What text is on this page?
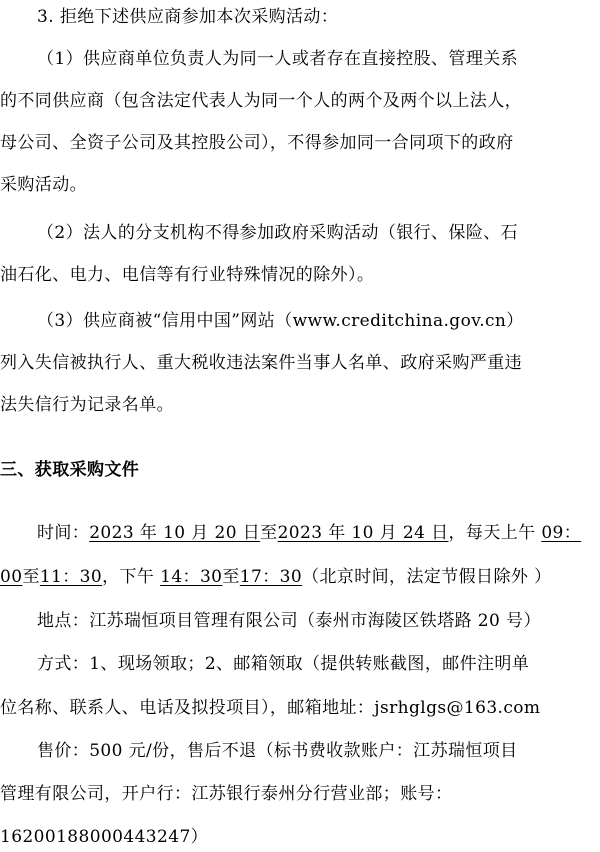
3. 拒绝下述供应商参加本次采购活动：
（1）供应商单位负责人为同一人或者存在直接控股、管理关系
的不同供应商（包含法定代表人为同一个人的两个及两个以上法人，
母公司、全资子公司及其控股公司），不得参加同一合同项下的政府
采购活动。
（2）法人的分支机构不得参加政府采购活动（银行、保险、石
油石化、电力、电信等有行业特殊情况的除外）。
（3）供应商被“信用中国”网站（www.creditchina.gov.cn）
列入失信被执行人、重大税收违法案件当事人名单、政府采购严重违
法失信行为记录名单。
三、获取采购文件
时间：2023 年 10 月 20 日至2023 年 10 月 24 日，每天上午 09：
00至11：30，下午 14：30至17：30（北京时间，法定节假日除外 ）
地点：江苏瑞恒项目管理有限公司（泰州市海陵区铁塔路 20 号）
方式：1、现场领取；2、邮箱领取（提供转账截图，邮件注明单
位名称、联系人、电话及拟投项目），邮箱地址：jsrhglgs@163.com
售价：500 元/份，售后不退（标书费收款账户：江苏瑞恒项目
管理有限公司，开户行：江苏银行泰州分行营业部；账号：
16200188000443247）
